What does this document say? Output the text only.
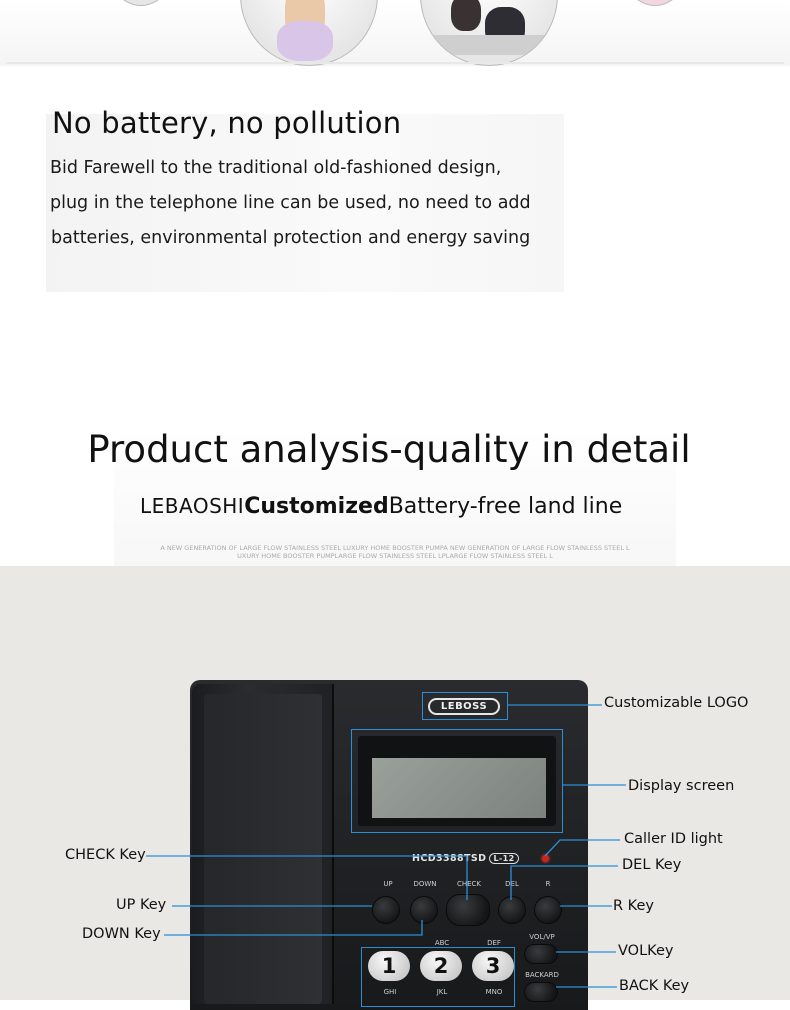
No battery, no pollution
Bid Farewell to the traditional old-fashioned design,
plug in the telephone line can be used, no need to add
batteries, environmental protection and energy saving
Product analysis-quality in detail
LEBAOSHICustomizedBattery-free land line
A NEW GENERATION OF LARGE FLOW STAINLESS STEEL LUXURY HOME BOOSTER PUMPA NEW GENERATION OF LARGE FLOW STAINLESS STEEL L
UXURY HOME BOOSTER PUMPLARGE FLOW STAINLESS STEEL LPLARGE FLOW STAINLESS STEEL L
LEBOSS
HCD3388TSD L-12
UP	DOWN	CHECK	DEL	R
VOL/VP
BACKARD
ABC	DEF
1	2	3
GHI	JKL	MNO
Customizable LOGO
Display screen
Caller ID light
CHECK Key
DEL Key
UP Key	R Key
DOWN Key
VOLKey
BACK Key
